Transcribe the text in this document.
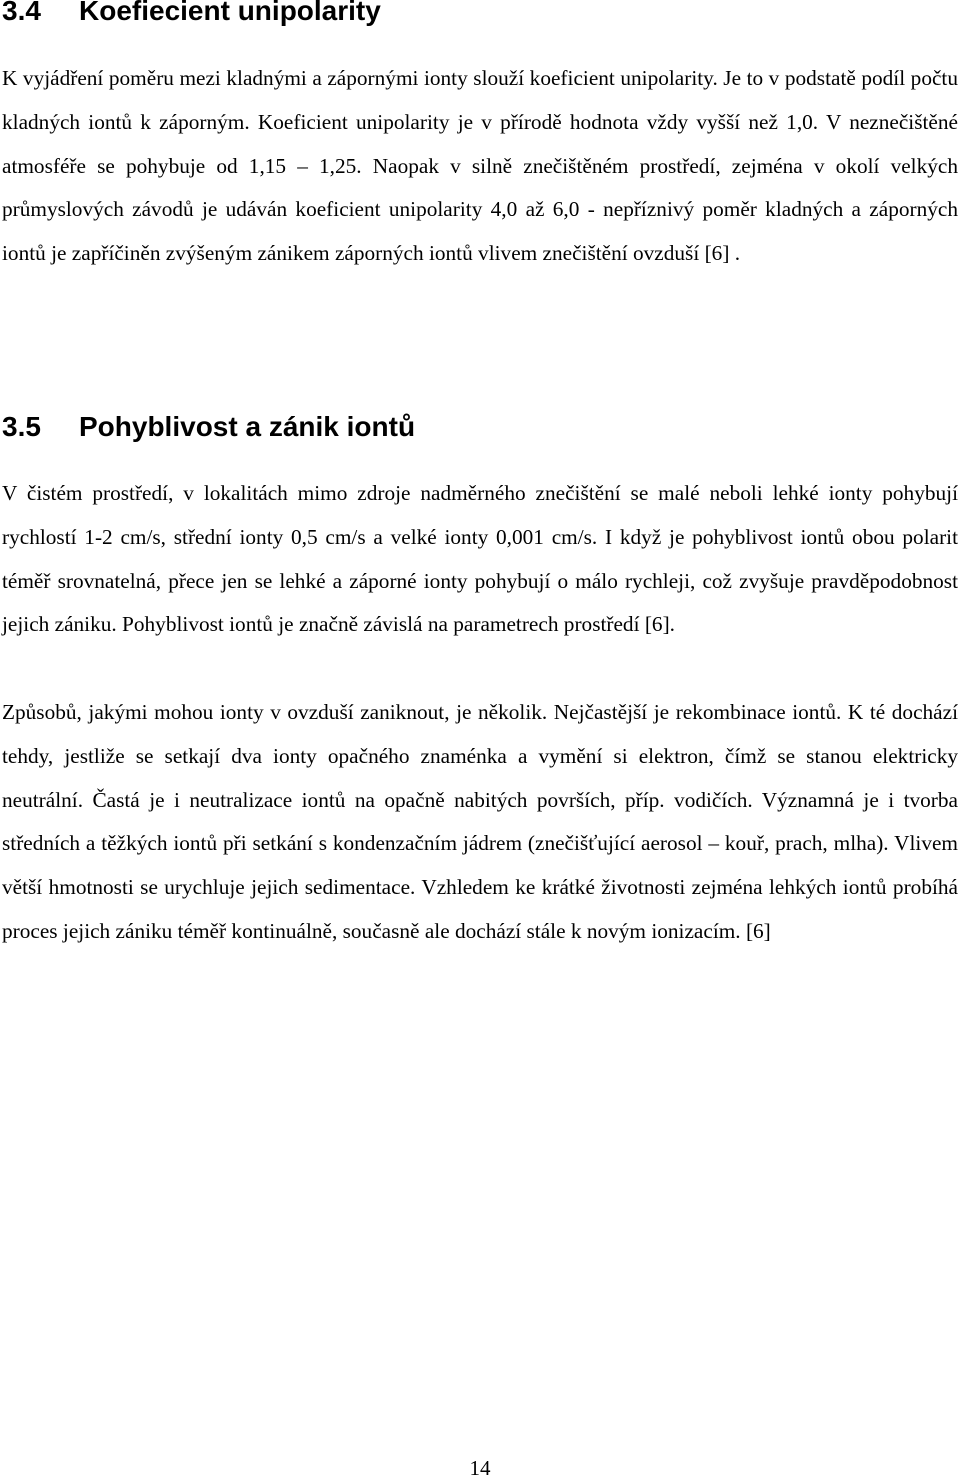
3.4 Koefiecient unipolarity

K vyjádření poměru mezi kladnými a zápornými ionty slouží koeficient unipolarity. Je to v podstatě podíl počtu kladných iontů k záporným. Koeficient unipolarity je v přírodě hodnota vždy vyšší než 1,0. V neznečištěné atmosféře se pohybuje od 1,15 – 1,25. Naopak v silně znečištěném prostředí, zejména v okolí velkých průmyslových závodů je udáván koeficient unipolarity 4,0 až 6,0 - nepříznivý poměr kladných a záporných iontů je zapříčiněn zvýšeným zánikem záporných iontů vlivem znečištění ovzduší [6] .

3.5 Pohyblivost a zánik iontů

V čistém prostředí, v lokalitách mimo zdroje nadměrného znečištění se malé neboli lehké ionty pohybují rychlostí 1-2 cm/s, střední ionty 0,5 cm/s a velké ionty 0,001 cm/s. I když je pohyblivost iontů obou polarit téměř srovnatelná, přece jen se lehké a záporné ionty pohybují o málo rychleji, což zvyšuje pravděpodobnost jejich zániku. Pohyblivost iontů je značně závislá na parametrech prostředí [6].

Způsobů, jakými mohou ionty v ovzduší zaniknout, je několik. Nejčastější je rekombinace iontů. K té dochází tehdy, jestliže se setkají dva ionty opačného znaménka a vymění si elektron, čímž se stanou elektricky neutrální. Častá je i neutralizace iontů na opačně nabitých površích, příp. vodičích. Významná je i tvorba středních a těžkých iontů při setkání s kondenzačním jádrem (znečišťující aerosol – kouř, prach, mlha). Vlivem větší hmotnosti se urychluje jejich sedimentace. Vzhledem ke krátké životnosti zejména lehkých iontů probíhá proces jejich zániku téměř kontinuálně, současně ale dochází stále k novým ionizacím. [6]

14
